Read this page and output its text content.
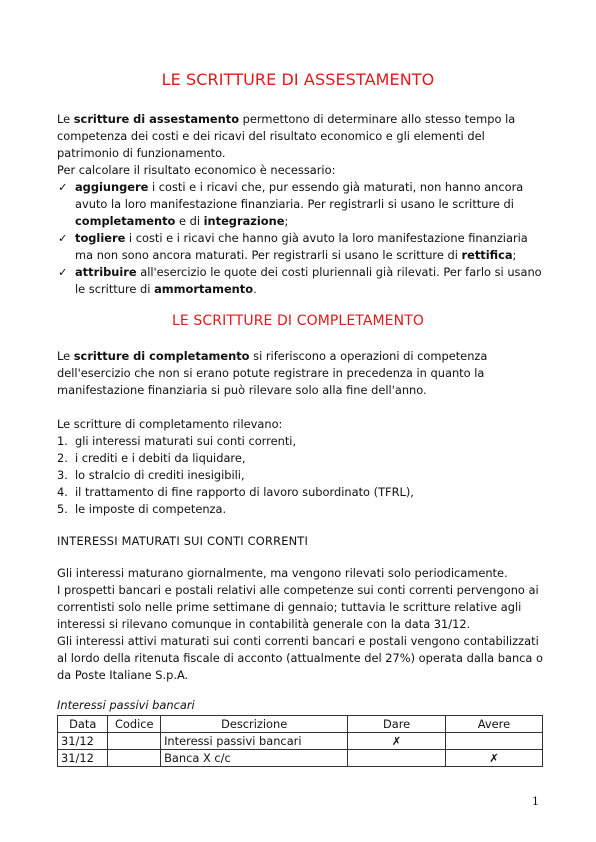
LE SCRITTURE DI ASSESTAMENTO

Le scritture di assestamento permettono di determinare allo stesso tempo la competenza dei costi e dei ricavi del risultato economico e gli elementi del patrimonio di funzionamento.

Per calcolare il risultato economico è necessario:

✓ aggiungere i costi e i ricavi che, pur essendo già maturati, non hanno ancora avuto la loro manifestazione finanziaria. Per registrarli si usano le scritture di completamento e di integrazione;
✓ togliere i costi e i ricavi che hanno già avuto la loro manifestazione finanziaria ma non sono ancora maturati. Per registrarli si usano le scritture di rettifica;
✓ attribuire all'esercizio le quote dei costi pluriennali già rilevati. Per farlo si usano le scritture di ammortamento.
LE SCRITTURE DI COMPLETAMENTO

Le scritture di completamento si riferiscono a operazioni di competenza dell'esercizio che non si erano potute registrare in precedenza in quanto la manifestazione finanziaria si può rilevare solo alla fine dell'anno.

Le scritture di completamento rilevano:

1. gli interessi maturati sui conti correnti,
2. i crediti e i debiti da liquidare,
3. lo stralcio di crediti inesigibili,
4. il trattamento di fine rapporto di lavoro subordinato (TFRL),
5. le imposte di competenza.
INTERESSI MATURATI SUI CONTI CORRENTI

Gli interessi maturano giornalmente, ma vengono rilevati solo periodicamente.

I prospetti bancari e postali relativi alle competenze sui conti correnti pervengono ai correntisti solo nelle prime settimane di gennaio; tuttavia le scritture relative agli interessi si rilevano comunque in contabilità generale con la data 31/12.

Gli interessi attivi maturati sui conti correnti bancari e postali vengono contabilizzati al lordo della ritenuta fiscale di acconto (attualmente del 27%) operata dalla banca o da Poste Italiane S.p.A.

Interessi passivi bancari
Data	Codice	Descrizione	Dare	Avere
31/12		Interessi passivi bancari	✗	
31/12		Banca X c/c		✗
1
